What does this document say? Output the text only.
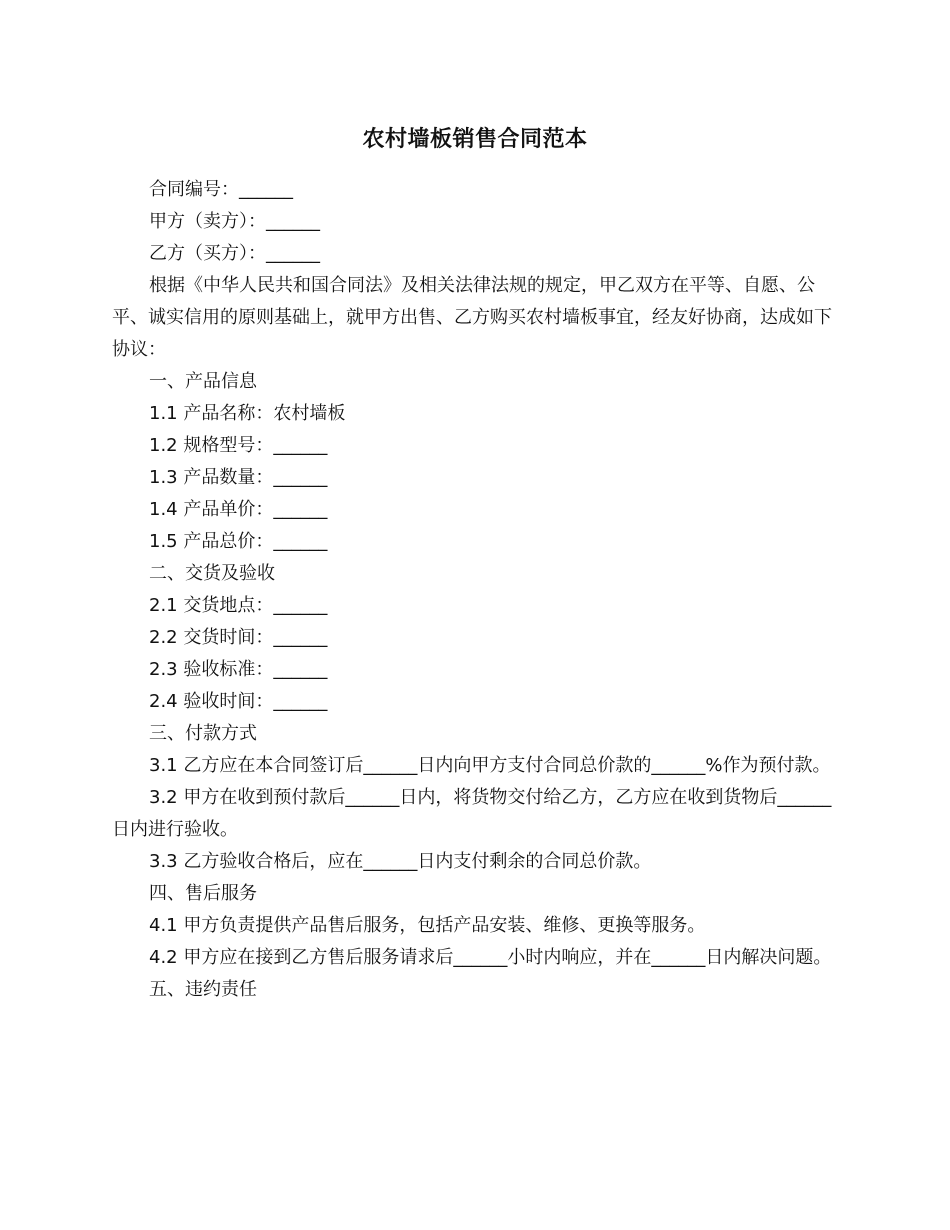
农村墙板销售合同范本

合同编号：______

甲方（卖方）：______

乙方（买方）：______

根据《中华人民共和国合同法》及相关法律法规的规定，甲乙双方在平等、自愿、公平、诚实信用的原则基础上，就甲方出售、乙方购买农村墙板事宜，经友好协商，达成如下协议：

一、产品信息

1.1 产品名称：农村墙板

1.2 规格型号：______

1.3 产品数量：______

1.4 产品单价：______

1.5 产品总价：______

二、交货及验收

2.1 交货地点：______

2.2 交货时间：______

2.3 验收标准：______

2.4 验收时间：______

三、付款方式

3.1 乙方应在本合同签订后______日内向甲方支付合同总价款的______%作为预付款。

3.2 甲方在收到预付款后______日内，将货物交付给乙方，乙方应在收到货物后______日内进行验收。

3.3 乙方验收合格后，应在______日内支付剩余的合同总价款。

四、售后服务

4.1 甲方负责提供产品售后服务，包括产品安装、维修、更换等服务。

4.2 甲方应在接到乙方售后服务请求后______小时内响应，并在______日内解决问题。

五、违约责任
